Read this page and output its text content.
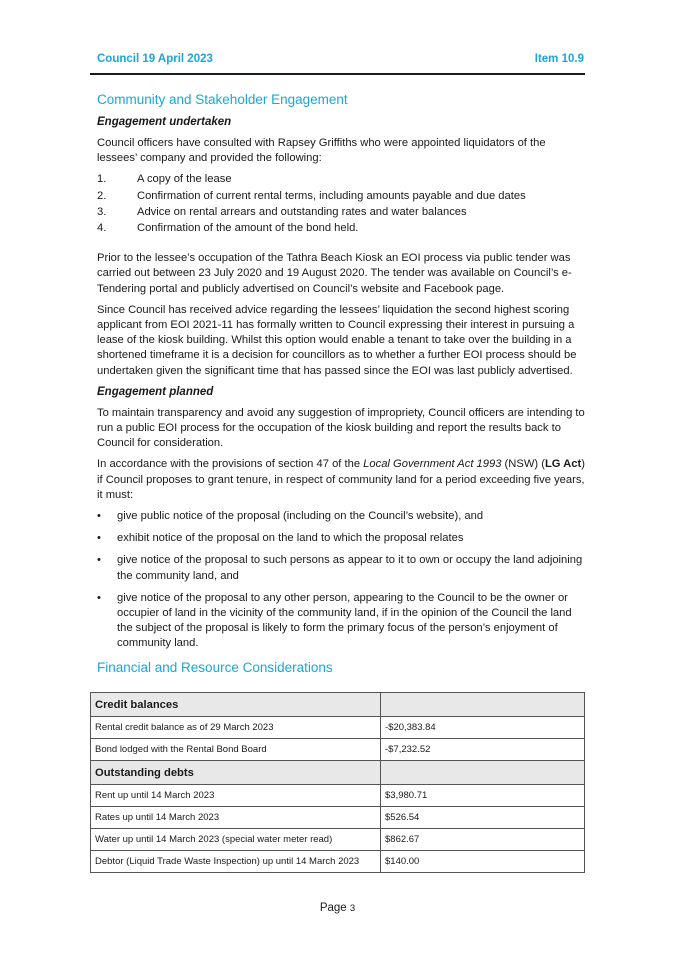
Council 19 April 2023	Item 10.9
Community and Stakeholder Engagement
Engagement undertaken

Council officers have consulted with Rapsey Griffiths who were appointed liquidators of the lessees’ company and provided the following:

1.	A copy of the lease
2.	Confirmation of current rental terms, including amounts payable and due dates
3.	Advice on rental arrears and outstanding rates and water balances
4.	Confirmation of the amount of the bond held.

Prior to the lessee’s occupation of the Tathra Beach Kiosk an EOI process via public tender was carried out between 23 July 2020 and 19 August 2020. The tender was available on Council’s e-Tendering portal and publicly advertised on Council’s website and Facebook page.

Since Council has received advice regarding the lessees’ liquidation the second highest scoring applicant from EOI 2021-11 has formally written to Council expressing their interest in pursuing a lease of the kiosk building. Whilst this option would enable a tenant to take over the building in a shortened timeframe it is a decision for councillors as to whether a further EOI process should be undertaken given the significant time that has passed since the EOI was last publicly advertised.

Engagement planned

To maintain transparency and avoid any suggestion of impropriety, Council officers are intending to run a public EOI process for the occupation of the kiosk building and report the results back to Council for consideration.

In accordance with the provisions of section 47 of the Local Government Act 1993 (NSW) (LG Act) if Council proposes to grant tenure, in respect of community land for a period exceeding five years, it must:

• give public notice of the proposal (including on the Council’s website), and
• exhibit notice of the proposal on the land to which the proposal relates
• give notice of the proposal to such persons as appear to it to own or occupy the land adjoining the community land, and
• give notice of the proposal to any other person, appearing to the Council to be the owner or occupier of land in the vicinity of the community land, if in the opinion of the Council the land the subject of the proposal is likely to form the primary focus of the person’s enjoyment of community land.
Financial and Resource Considerations
Credit balances	
Rental credit balance as of 29 March 2023	-$20,383.84
Bond lodged with the Rental Bond Board	-$7,232.52
Outstanding debts	
Rent up until 14 March 2023	$3,980.71
Rates up until 14 March 2023	$526.54
Water up until 14 March 2023 (special water meter read)	$862.67
Debtor (Liquid Trade Waste Inspection) up until 14 March 2023	$140.00
Page 3
